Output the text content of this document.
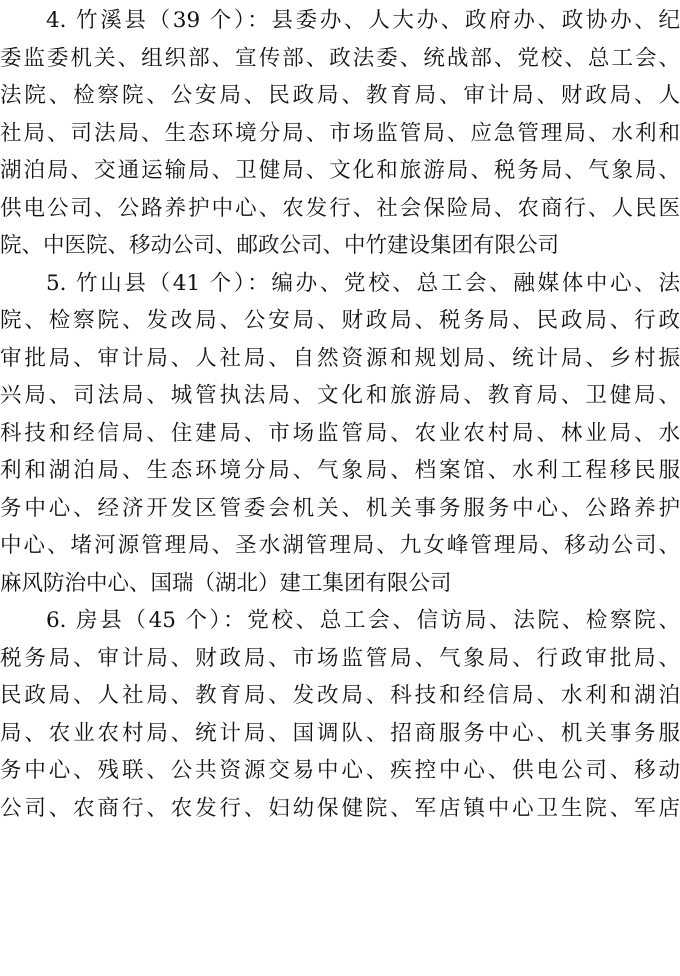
4. 竹溪县（39 个）：县委办、人大办、政府办、政协办、纪
委监委机关、组织部、宣传部、政法委、统战部、党校、总工会、
法院、检察院、公安局、民政局、教育局、审计局、财政局、人
社局、司法局、生态环境分局、市场监管局、应急管理局、水利和
湖泊局、交通运输局、卫健局、文化和旅游局、税务局、气象局、
供电公司、公路养护中心、农发行、社会保险局、农商行、人民医
院、中医院、移动公司、邮政公司、中竹建设集团有限公司
5. 竹山县（41 个）：编办、党校、总工会、融媒体中心、法
院、检察院、发改局、公安局、财政局、税务局、民政局、行政
审批局、审计局、人社局、自然资源和规划局、统计局、乡村振
兴局、司法局、城管执法局、文化和旅游局、教育局、卫健局、
科技和经信局、住建局、市场监管局、农业农村局、林业局、水
利和湖泊局、生态环境分局、气象局、档案馆、水利工程移民服
务中心、经济开发区管委会机关、机关事务服务中心、公路养护
中心、堵河源管理局、圣水湖管理局、九女峰管理局、移动公司、
麻风防治中心、国瑞（湖北）建工集团有限公司
6. 房县（45 个）：党校、总工会、信访局、法院、检察院、
税务局、审计局、财政局、市场监管局、气象局、行政审批局、
民政局、人社局、教育局、发改局、科技和经信局、水利和湖泊
局、农业农村局、统计局、国调队、招商服务中心、机关事务服
务中心、残联、公共资源交易中心、疾控中心、供电公司、移动
公司、农商行、农发行、妇幼保健院、军店镇中心卫生院、军店
